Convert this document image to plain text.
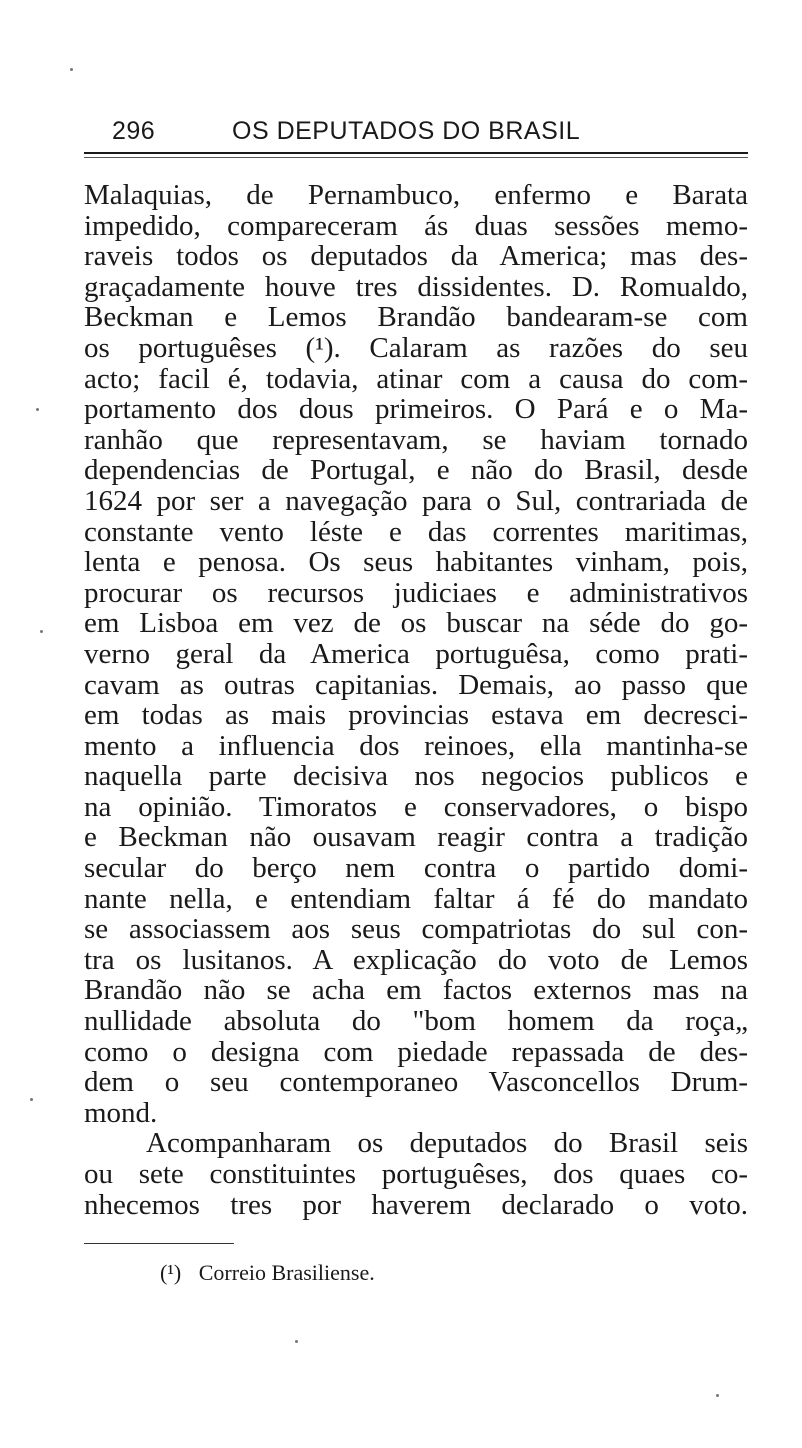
296	OS DEPUTADOS DO BRASIL
Malaquias, de Pernambuco, enfermo e Barata
impedido, compareceram ás duas sessões memo-
raveis todos os deputados da America; mas des-
graçadamente houve tres dissidentes. D. Romualdo,
Beckman e Lemos Brandão bandearam-se com
os portuguêses (¹). Calaram as razões do seu
acto; facil é, todavia, atinar com a causa do com-
portamento dos dous primeiros. O Pará e o Ma-
ranhão que representavam, se haviam tornado
dependencias de Portugal, e não do Brasil, desde
1624 por ser a navegação para o Sul, contrariada de
constante vento léste e das correntes maritimas,
lenta e penosa. Os seus habitantes vinham, pois,
procurar os recursos judiciaes e administrativos
em Lisboa em vez de os buscar na séde do go-
verno geral da America portuguêsa, como prati-
cavam as outras capitanias. Demais, ao passo que
em todas as mais provincias estava em decresci-
mento a influencia dos reinoes, ella mantinha-se
naquella parte decisiva nos negocios publicos e
na opinião. Timoratos e conservadores, o bispo
e Beckman não ousavam reagir contra a tradição
secular do berço nem contra o partido domi-
nante nella, e entendiam faltar á fé do mandato
se associassem aos seus compatriotas do sul con-
tra os lusitanos. A explicação do voto de Lemos
Brandão não se acha em factos externos mas na
nullidade absoluta do "bom homem da roça„
como o designa com piedade repassada de des-
dem o seu contemporaneo Vasconcellos Drum-
mond.
Acompanharam os deputados do Brasil seis
ou sete constituintes portuguêses, dos quaes co-
nhecemos tres por haverem declarado o voto.
(¹) Correio Brasiliense.
